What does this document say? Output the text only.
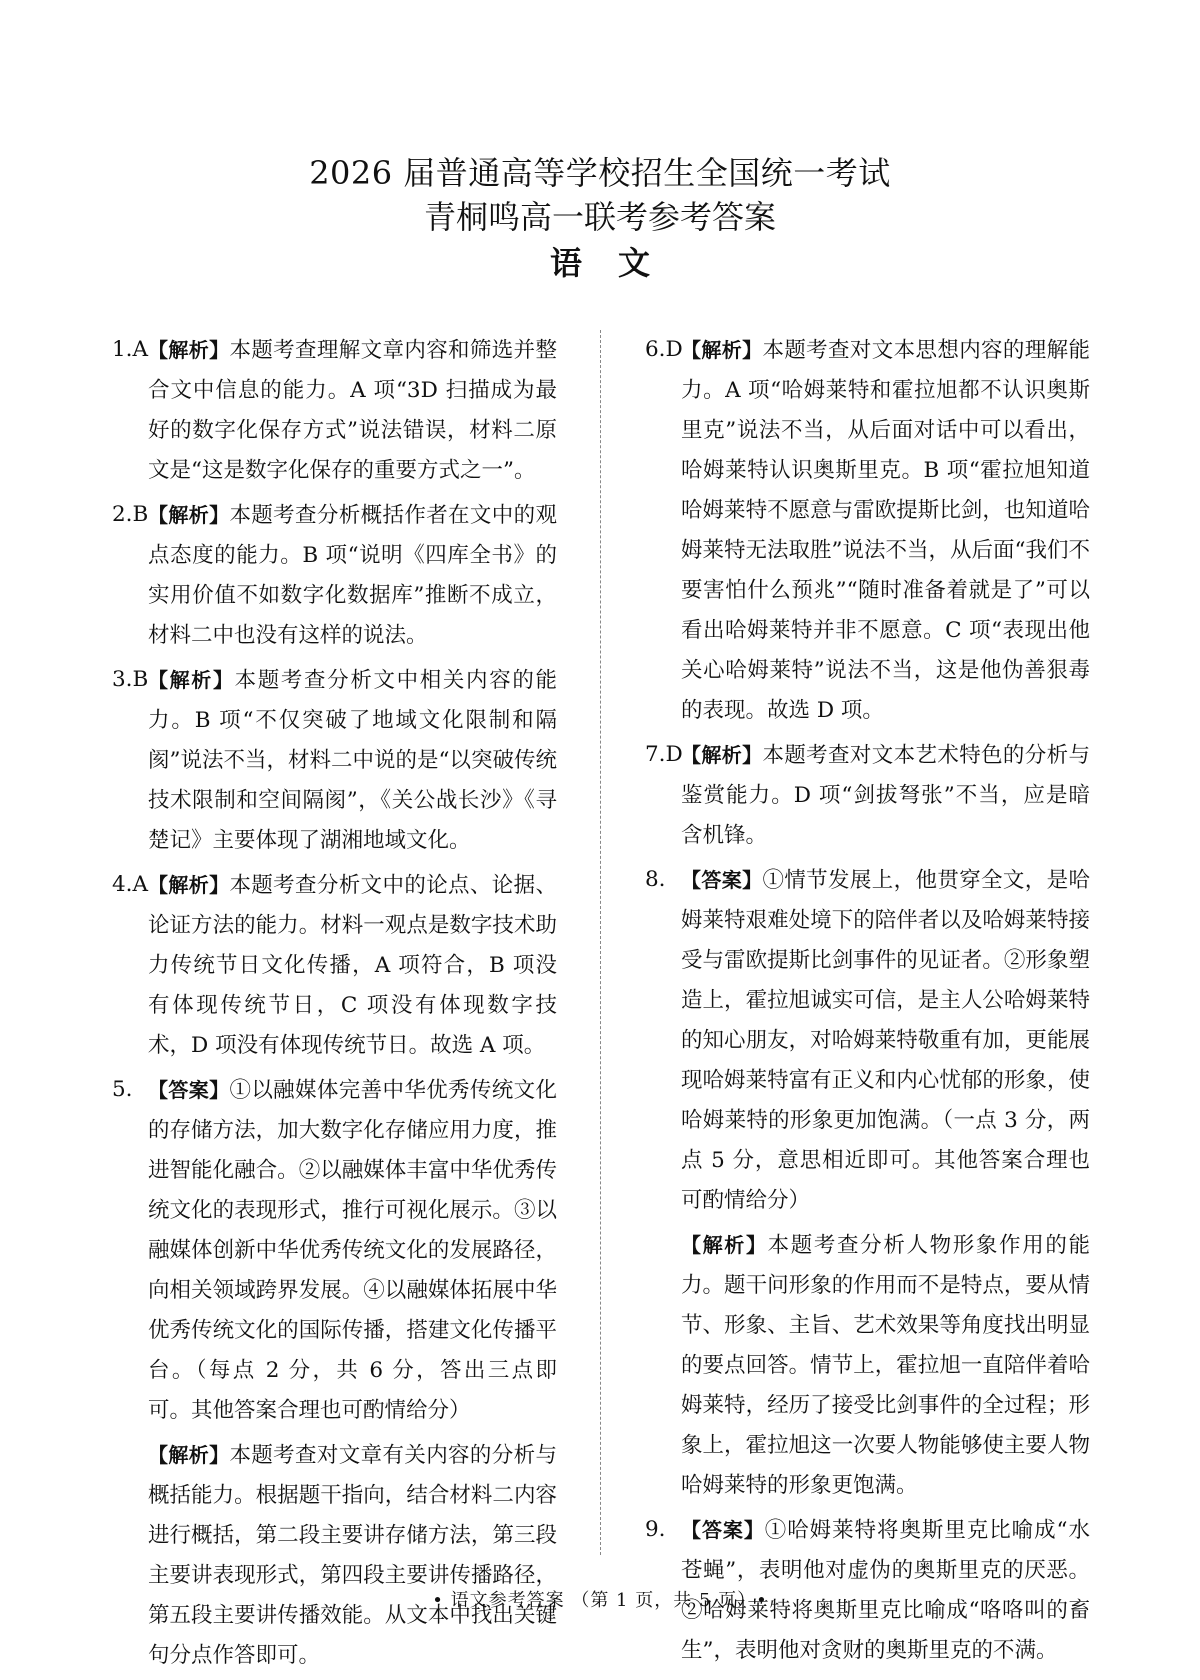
2026 届普通高等学校招生全国统一考试
青桐鸣高一联考参考答案
语文
1.A 【解析】本题考查理解文章内容和筛选并整合文中信息的能力。A 项“3D 扫描成为最好的数字化保存方式”说法错误，材料二原文是“这是数字化保存的重要方式之一”。
2.B 【解析】本题考查分析概括作者在文中的观点态度的能力。B 项“说明《四库全书》的实用价值不如数字化数据库”推断不成立，材料二中也没有这样的说法。
3.B 【解析】本题考查分析文中相关内容的能力。B 项“不仅突破了地域文化限制和隔阂”说法不当，材料二中说的是“以突破传统技术限制和空间隔阂”，《关公战长沙》《寻楚记》主要体现了湖湘地域文化。
4.A 【解析】本题考查分析文中的论点、论据、论证方法的能力。材料一观点是数字技术助力传统节日文化传播，A 项符合，B 项没有体现传统节日，C 项没有体现数字技术，D 项没有体现传统节日。故选 A 项。
5. 【答案】①以融媒体完善中华优秀传统文化的存储方法，加大数字化存储应用力度，推进智能化融合。②以融媒体丰富中华优秀传统文化的表现形式，推行可视化展示。③以融媒体创新中华优秀传统文化的发展路径，向相关领域跨界发展。④以融媒体拓展中华优秀传统文化的国际传播，搭建文化传播平台。（每点 2 分，共 6 分，答出三点即可。其他答案合理也可酌情给分）
【解析】本题考查对文章有关内容的分析与概括能力。根据题干指向，结合材料二内容进行概括，第二段主要讲存储方法，第三段主要讲表现形式，第四段主要讲传播路径，第五段主要讲传播效能。从文本中找出关键句分点作答即可。
6.D
【解析】本题考查对文本思想内容的理解能力。A 项“哈姆莱特和霍拉旭都不认识奥斯里克”说法不当，从后面对话中可以看出，哈姆莱特认识奥斯里克。B 项“霍拉旭知道哈姆莱特不愿意与雷欧提斯比剑，也知道哈姆莱特无法取胜”说法不当，从后面“我们不要害怕什么预兆”“随时准备着就是了”可以看出哈姆莱特并非不愿意。C 项“表现出他关心哈姆莱特”说法不当，这是他伪善狠毒的表现。故选 D 项。
7.D
【解析】本题考查对文本艺术特色的分析与鉴赏能力。D 项“剑拔弩张”不当，应是暗含机锋。
8. 【答案】①情节发展上，他贯穿全文，是哈姆莱特艰难处境下的陪伴者以及哈姆莱特接受与雷欧提斯比剑事件的见证者。②形象塑造上，霍拉旭诚实可信，是主人公哈姆莱特的知心朋友，对哈姆莱特敬重有加，更能展现哈姆莱特富有正义和内心忧郁的形象，使哈姆莱特的形象更加饱满。（一点 3 分，两点 5 分，意思相近即可。其他答案合理也可酌情给分）
【解析】本题考查分析人物形象作用的能力。题干问形象的作用而不是特点，要从情节、形象、主旨、艺术效果等角度找出明显的要点回答。情节上，霍拉旭一直陪伴着哈姆莱特，经历了接受比剑事件的全过程；形象上，霍拉旭这一次要人物能够使主要人物哈姆莱特的形象更饱满。
9. 【答案】①哈姆莱特将奥斯里克比喻成“水苍蝇”，表明他对虚伪的奥斯里克的厌恶。②哈姆莱特将奥斯里克比喻成“咯咯叫的畜生”，表明他对贪财的奥斯里克的不满。
• 语文参考答案 （第 1 页，共 5 页）•
